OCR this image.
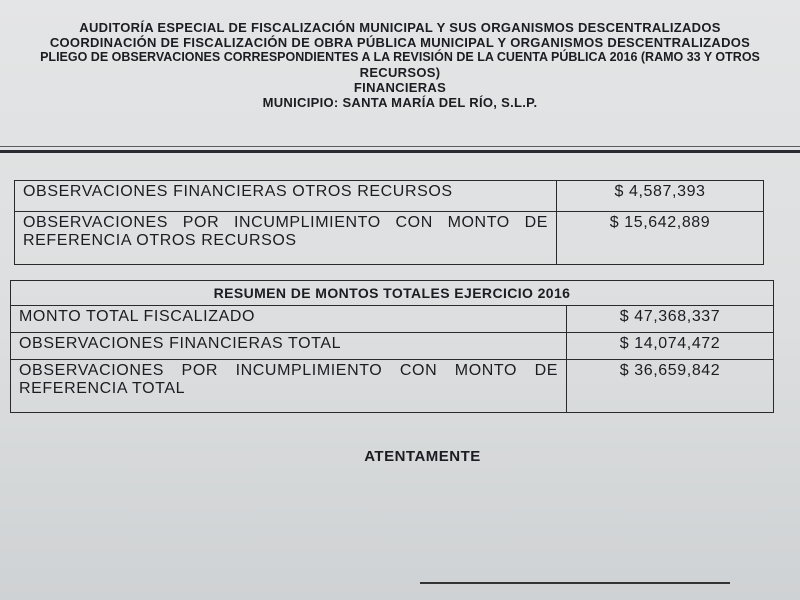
AUDITORÍA ESPECIAL DE FISCALIZACIÓN MUNICIPAL Y SUS ORGANISMOS DESCENTRALIZADOS
COORDINACIÓN DE FISCALIZACIÓN DE OBRA PÚBLICA MUNICIPAL Y ORGANISMOS DESCENTRALIZADOS
PLIEGO DE OBSERVACIONES CORRESPONDIENTES A LA REVISIÓN DE LA CUENTA PÚBLICA 2016 (RAMO 33 Y OTROS
RECURSOS)
FINANCIERAS
MUNICIPIO: SANTA MARÍA DEL RÍO, S.L.P.
OBSERVACIONES FINANCIERAS OTROS RECURSOS	$ 4,587,393
OBSERVACIONES POR INCUMPLIMIENTO CON MONTO DE REFERENCIA OTROS RECURSOS	$ 15,642,889
RESUMEN DE MONTOS TOTALES EJERCICIO 2016	
MONTO TOTAL FISCALIZADO	$ 47,368,337
OBSERVACIONES FINANCIERAS TOTAL	$ 14,074,472
OBSERVACIONES POR INCUMPLIMIENTO CON MONTO DE REFERENCIA TOTAL	$ 36,659,842
ATENTAMENTE
